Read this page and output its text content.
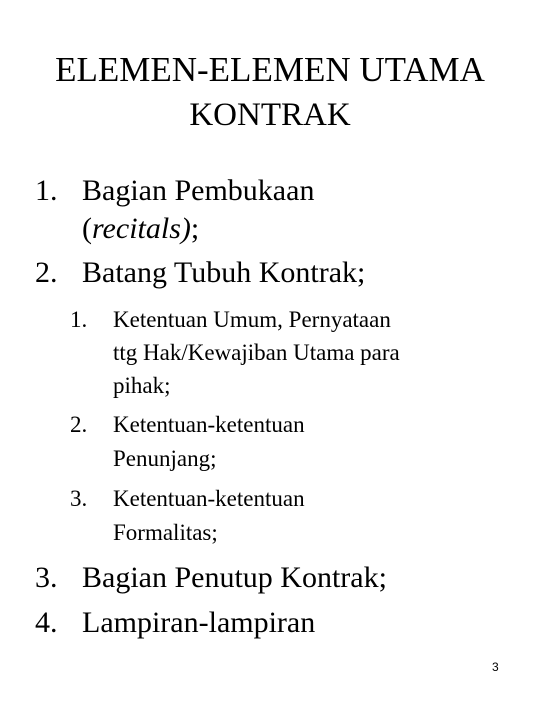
ELEMEN-ELEMEN UTAMA
KONTRAK
1. Bagian Pembukaan
(recitals);
2. Batang Tubuh Kontrak;
1. Ketentuan Umum, Pernyataan
ttg Hak/Kewajiban Utama para
pihak;
2. Ketentuan-ketentuan
Penunjang;
3. Ketentuan-ketentuan
Formalitas;
3. Bagian Penutup Kontrak;
4. Lampiran-lampiran
3
